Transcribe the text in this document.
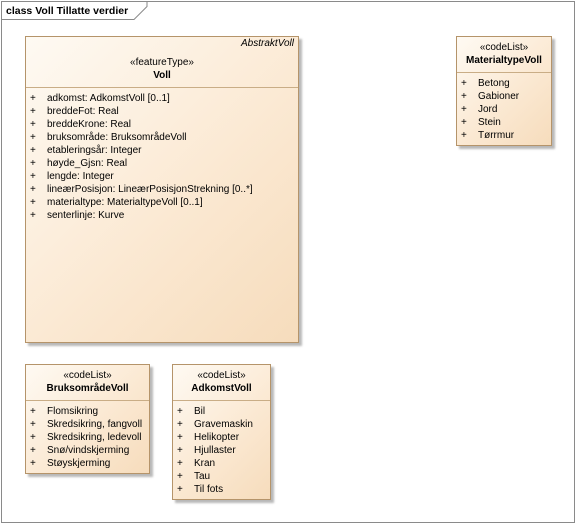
class Voll Tillatte verdier
AbstraktVoll
«featureType»
Voll
+ adkomst: AdkomstVoll [0..1]
+ breddeFot: Real
+ breddeKrone: Real
+ bruksområde: BruksområdeVoll
+ etableringsår: Integer
+ høyde_Gjsn: Real
+ lengde: Integer
+ lineærPosisjon: LineærPosisjonStrekning [0..*]
+ materialtype: MaterialtypeVoll [0..1]
+ senterlinje: Kurve
«codeList»
MaterialtypeVoll
+ Betong
+ Gabioner
+ Jord
+ Stein
+ Tørrmur
«codeList»
BruksområdeVoll
+ Flomsikring
+ Skredsikring, fangvoll
+ Skredsikring, ledevoll
+ Snø/vindskjerming
+ Støyskjerming
«codeList»
AdkomstVoll
+ Bil
+ Gravemaskin
+ Helikopter
+ Hjullaster
+ Kran
+ Tau
+ Til fots
